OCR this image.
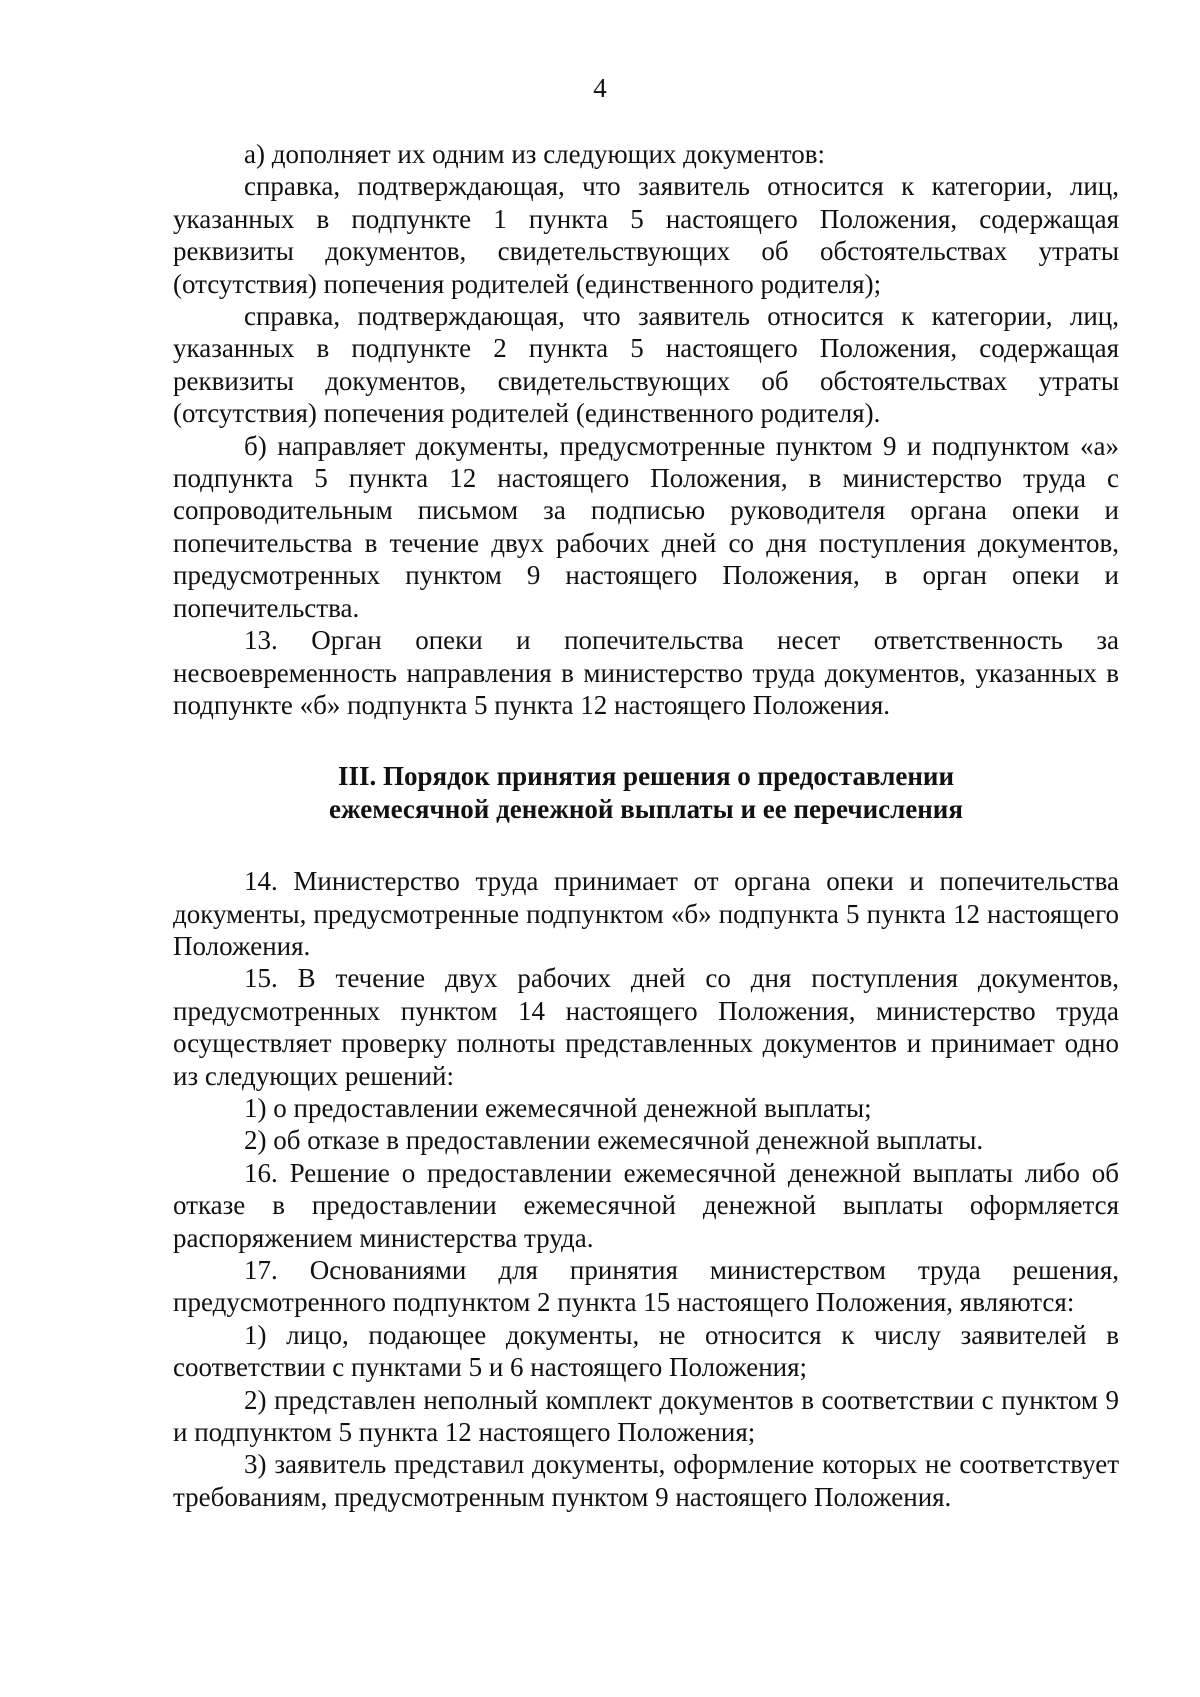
4

а) дополняет их одним из следующих документов:

справка, подтверждающая, что заявитель относится к категории, лиц, указанных в подпункте 1 пункта 5 настоящего Положения, содержащая реквизиты документов, свидетельствующих об обстоятельствах утраты (отсутствия) попечения родителей (единственного родителя);

справка, подтверждающая, что заявитель относится к категории, лиц, указанных в подпункте 2 пункта 5 настоящего Положения, содержащая реквизиты документов, свидетельствующих об обстоятельствах утраты (отсутствия) попечения родителей (единственного родителя).

б) направляет документы, предусмотренные пунктом 9 и подпунктом «а» подпункта 5 пункта 12 настоящего Положения, в министерство труда с сопроводительным письмом за подписью руководителя органа опеки и попечительства в течение двух рабочих дней со дня поступления документов, предусмотренных пунктом 9 настоящего Положения, в орган опеки и попечительства.

13. Орган опеки и попечительства несет ответственность за несвоевременность направления в министерство труда документов, указанных в подпункте «б» подпункта 5 пункта 12 настоящего Положения.

III. Порядок принятия решения о предоставлении
ежемесячной денежной выплаты и ее перечисления

14. Министерство труда принимает от органа опеки и попечительства документы, предусмотренные подпунктом «б» подпункта 5 пункта 12 настоящего Положения.

15. В течение двух рабочих дней со дня поступления документов, предусмотренных пунктом 14 настоящего Положения, министерство труда осуществляет проверку полноты представленных документов и принимает одно из следующих решений:

1) о предоставлении ежемесячной денежной выплаты;

2) об отказе в предоставлении ежемесячной денежной выплаты.

16. Решение о предоставлении ежемесячной денежной выплаты либо об отказе в предоставлении ежемесячной денежной выплаты оформляется распоряжением министерства труда.

17. Основаниями для принятия министерством труда решения, предусмотренного подпунктом 2 пункта 15 настоящего Положения, являются:

1) лицо, подающее документы, не относится к числу заявителей в соответствии с пунктами 5 и 6 настоящего Положения;

2) представлен неполный комплект документов в соответствии с пунктом 9 и подпунктом 5 пункта 12 настоящего Положения;

3) заявитель представил документы, оформление которых не соответствует требованиям, предусмотренным пунктом 9 настоящего Положения.
